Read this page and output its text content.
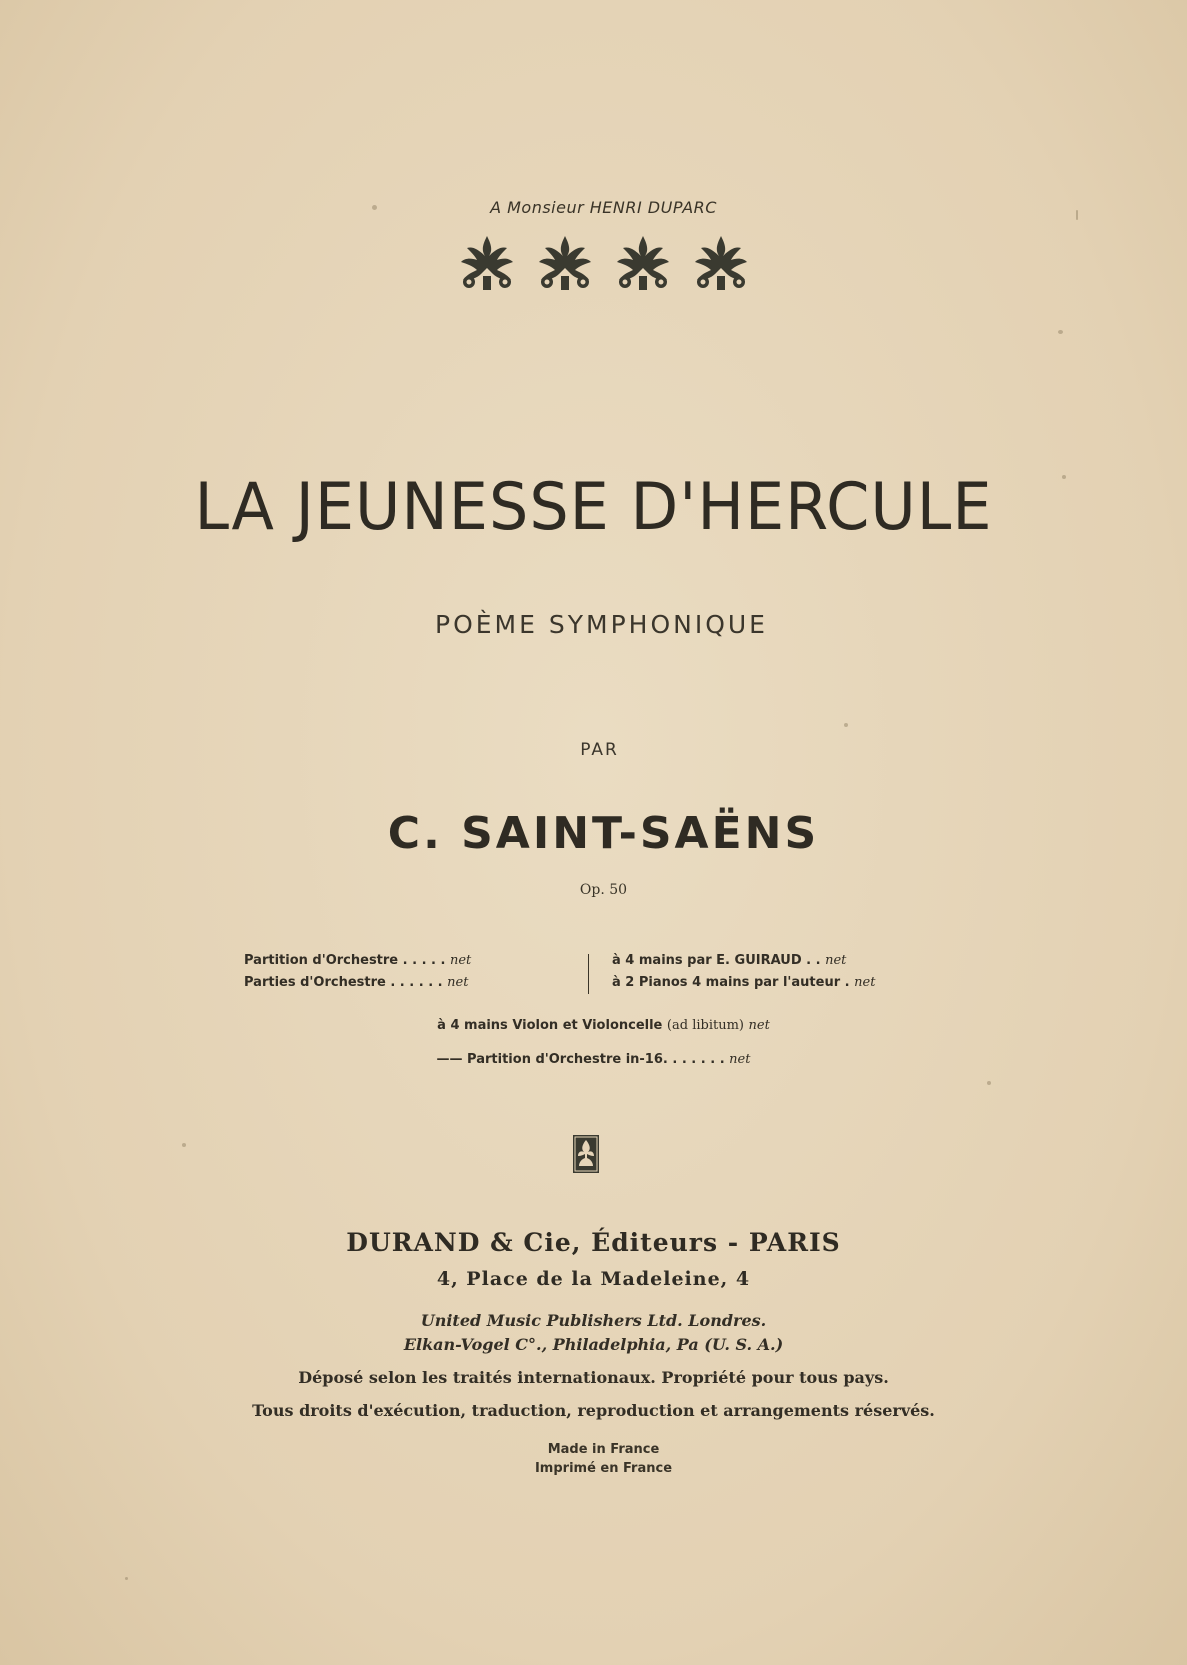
A Monsieur HENRI DUPARC
LA JEUNESSE D'HERCULE
POÈME SYMPHONIQUE
PAR
C. SAINT-SAËNS
Op. 50
Partition d'Orchestre . . . . . net
Parties d'Orchestre . . . . . . net
à 4 mains par E. GUIRAUD . . net
à 2 Pianos 4 mains par l'auteur . net
à 4 mains Violon et Violoncelle (ad libitum) net
—— Partition d'Orchestre in-16. . . . . . . net
DURAND & Cie, Éditeurs - PARIS
4, Place de la Madeleine, 4
United Music Publishers Ltd. Londres.
Elkan-Vogel C°., Philadelphia, Pa (U. S. A.)
Déposé selon les traités internationaux. Propriété pour tous pays.
Tous droits d'exécution, traduction, reproduction et arrangements réservés.
Made in France
Imprimé en France
